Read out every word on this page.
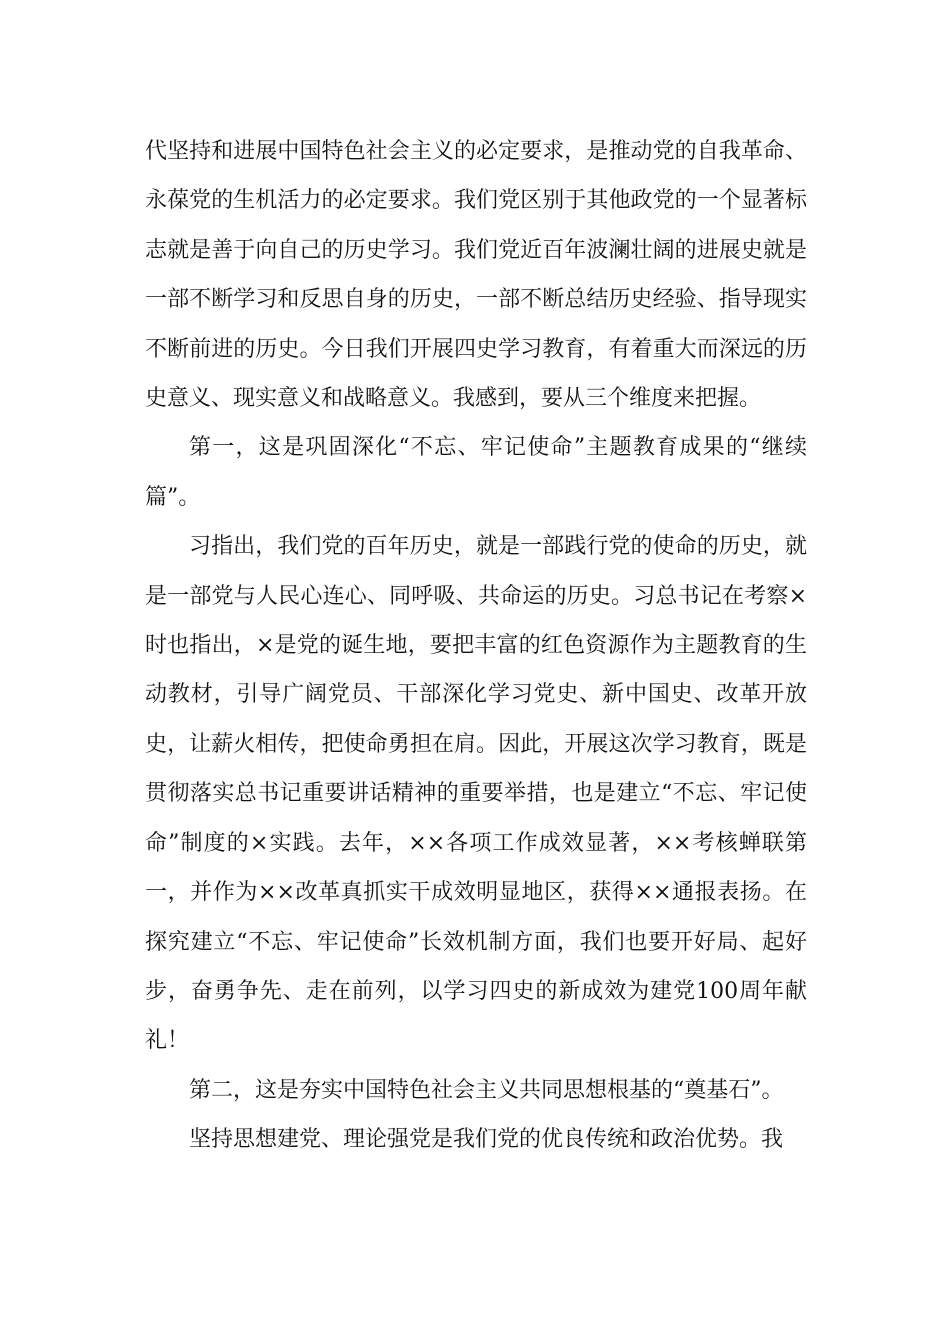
代坚持和进展中国特色社会主义的必定要求，是推动党的自我革命、永葆党的生机活力的必定要求。我们党区别于其他政党的一个显著标志就是善于向自己的历史学习。我们党近百年波澜壮阔的进展史就是一部不断学习和反思自身的历史，一部不断总结历史经验、指导现实不断前进的历史。今日我们开展四史学习教育，有着重大而深远的历史意义、现实意义和战略意义。我感到，要从三个维度来把握。

第一，这是巩固深化“不忘、牢记使命”主题教育成果的“继续篇”。

习指出，我们党的百年历史，就是一部践行党的使命的历史，就是一部党与人民心连心、同呼吸、共命运的历史。习总书记在考察×时也指出，×是党的诞生地，要把丰富的红色资源作为主题教育的生动教材，引导广阔党员、干部深化学习党史、新中国史、改革开放史，让薪火相传，把使命勇担在肩。因此，开展这次学习教育，既是贯彻落实总书记重要讲话精神的重要举措，也是建立“不忘、牢记使命”制度的×实践。去年，××各项工作成效显著，××考核蝉联第一，并作为××改革真抓实干成效明显地区，获得××通报表扬。在探究建立“不忘、牢记使命”长效机制方面，我们也要开好局、起好步，奋勇争先、走在前列，以学习四史的新成效为建党100周年献礼！

第二，这是夯实中国特色社会主义共同思想根基的“奠基石”。

坚持思想建党、理论强党是我们党的优良传统和政治优势。我
